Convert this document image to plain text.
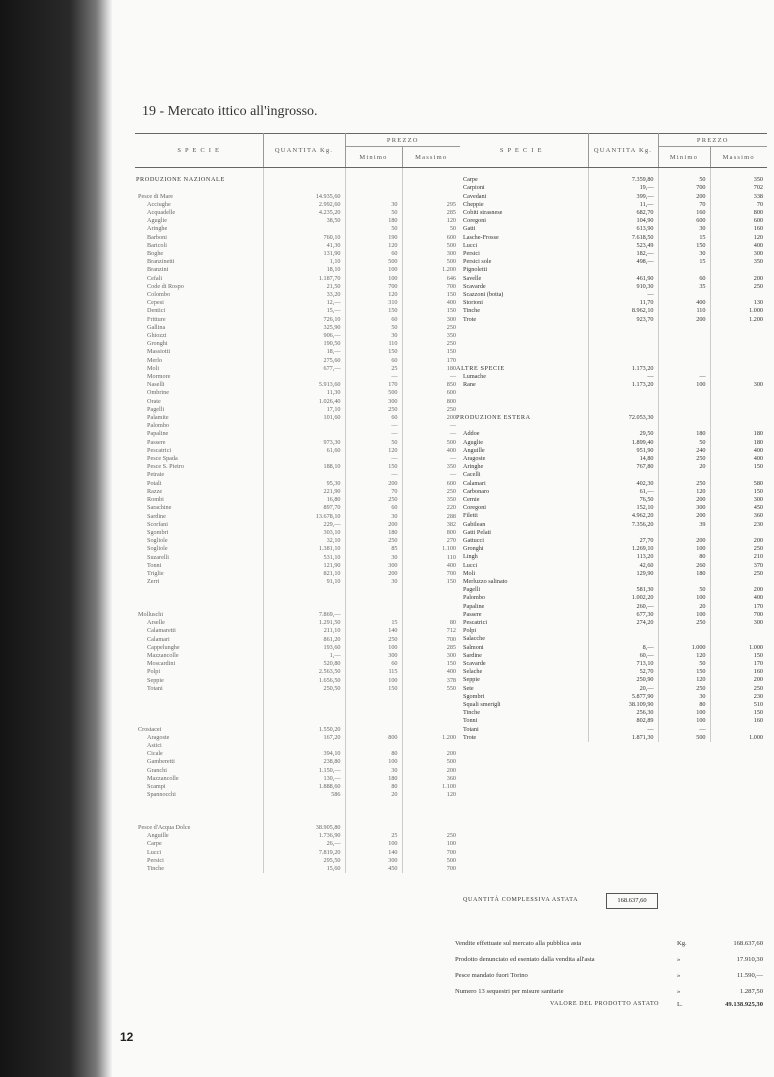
19 - Mercato ittico all'ingrosso.
S P E C I E	QUANTITA Kg.	PREZZO	
		Minimo	Massimo

PRODUZIONE NAZIONALE			

Pesce di Mare	14.935,60		
Acciughe	2.992,60	30	295
Acquadelle	4.235,20	50	285
Aguglie	38,50	180	120
Aringhe		50	50
Barboni	760,10	190	600
Baricoli	41,30	120	500
Boghe	131,90	60	300
Branzinetti	1,10	500	500
Branzini	18,10	100	1.200
Cefali	1.187,70	100	646
Code di Rospo	21,50	700	700
Colombo	33,20	120	150
Cepesi	12,—	310	400
Dentici	15,—	150	150
Fritture	726,10	60	300
Gallina	325,90	50	250
Ghiozzi	906,—	30	350
Gronghi	190,50	110	250
Massiotti	18,—	150	150
Merlo	275,60	60	170
Moli	677,—	25	180
Mormore		—	—
Naselli	5.913,60	170	850
Ombrine	11,30	500	600
Orate	1.026,40	300	800
Pagelli	17,10	250	250
Palamite	101,60	60	200
Palombo		—	—
Papaline		—	—
Passere	973,30	50	500
Pescatrici	61,60	120	400
Pesce Spada		—	—
Pesce S. Pietro	188,10	150	350
Petraie		—	—
Potali	95,30	200	600
Razze	221,90	70	250
Rombi	16,80	250	350
Sarachine	897,70	60	220
Sardine	13.678,10	30	288
Scorfani	229,—	200	382
Sgombri	303,10	180	800
Sogliole	32,10	250	270
Sogliole	1.381,10	85	1.100
Suzarelli	531,10	30	110
Tonni	121,90	300	400
Triglie	821,10	200	700
Zerri	91,10	30	150

Molluschi	7.869,—		
Arselle	1.291,50	15	80
Calamaretti	211,10	140	712
Calamari	861,20	250	700
Cappelunghe	193,60	100	285
Mazzancolle	1,—	300	300
Moscardini	520,80	60	150
Polpi	2.563,50	115	400
Seppie	1.656,50	100	378
Totani	250,50	150	550

Crostacei	1.550,20		
Aragoste	167,20	800	1.200
Astici			
Cicale	394,10	80	200
Gamberetti	238,80	100	500
Granchi	1.150,—	30	200
Mazzancolle	130,—	180	360
Scampi	1.888,60	80	1.100
Spannocchi	586	20	120

Pesce d'Acqua Dolce	38.905,80		
Anguille	1.736,90	25	250
Carpe	26,—	100	100
Lucci	7.819,20	140	700
Persici	295,50	300	500
Tinche	15,60	450	700
S P E C I E	QUANTITA Kg.	PREZZO	
		Minimo	Massimo

Carpe	7.359,80	50	350
Carpioni	19,—	700	702
Cavedani	399,—	200	338
Cheppie	11,—	70	70
Cobiti strasnese	682,70	160	800
Coregoni	104,90	600	600
Gatti	613,90	30	160
Lasche-Frosse	7.618,50	15	120
Lucci	523,49	150	400
Persici	182,—	30	300
Persici sole	498,—	15	350
Pignoletti			
Savelle	461,90	60	200
Scavarde	910,30	35	250
Scazzoni (botta)	—		
Storioni	11,70	400	130
Tinche	8.962,10	110	1.000
Trote	923,70	200	1.200

ALTRE SPECIE	1.173,20		
Lumache	—	—	
Rane	1.173,20	100	300

PRODUZIONE ESTERA	72.053,30		

Addoe	29,50	180	180
Aguglie	1.899,40	50	180
Anguille	951,90	240	400
Aragoste	14,80	250	400
Aringhe	767,80	20	150
Cacelli			
Calamari	402,30	250	580
Carbonaro	61,—	120	150
Cernie	76,50	200	300
Coregoni	152,10	300	450
Filetti	4.962,20	200	360
Gabilean	7.356,20	39	230
Gatti Pelati			
Gattucci	27,70	200	200
Gronghi	1.269,10	100	250
Lingh	113,20	80	210
Lucci	42,60	260	370
Moli	129,90	180	250
Merluzzo salinato			
Pagelli	581,30	50	200
Palombo	1.002,20	100	400
Papaline	260,—	20	170
Passere	677,30	100	700
Pescatrici	274,20	250	300
Polpi			
Salacche			
Salmoni	8,—	1.000	1.000
Sardine	60,—	120	150
Scavarde	713,10	50	170
Selache	52,70	150	160
Seppie	250,90	120	200
Sete	20,—	250	250
Sgombri	5.877,90	30	230
Squali smerigli	38.109,90	80	510
Tinche	256,30	100	150
Tonni	802,89	100	160
Totani	—	—	
Trote	1.871,30	500	1.000
QUANTITÀ COMPLESSIVA ASTATA	168.637,60
Vendite effettuate sul mercato alla pubblica asta	Kg.	168.637,60
Prodotto denunciato ed esentato dalla vendita all'asta	»	17.910,30
Pesce mandato fuori Torino	»	11.590,—
Numero 13 sequestri per misure sanitarie	»	1.287,50
VALORE DEL PRODOTTO ASTATO	L.	49.138.925,30
12
